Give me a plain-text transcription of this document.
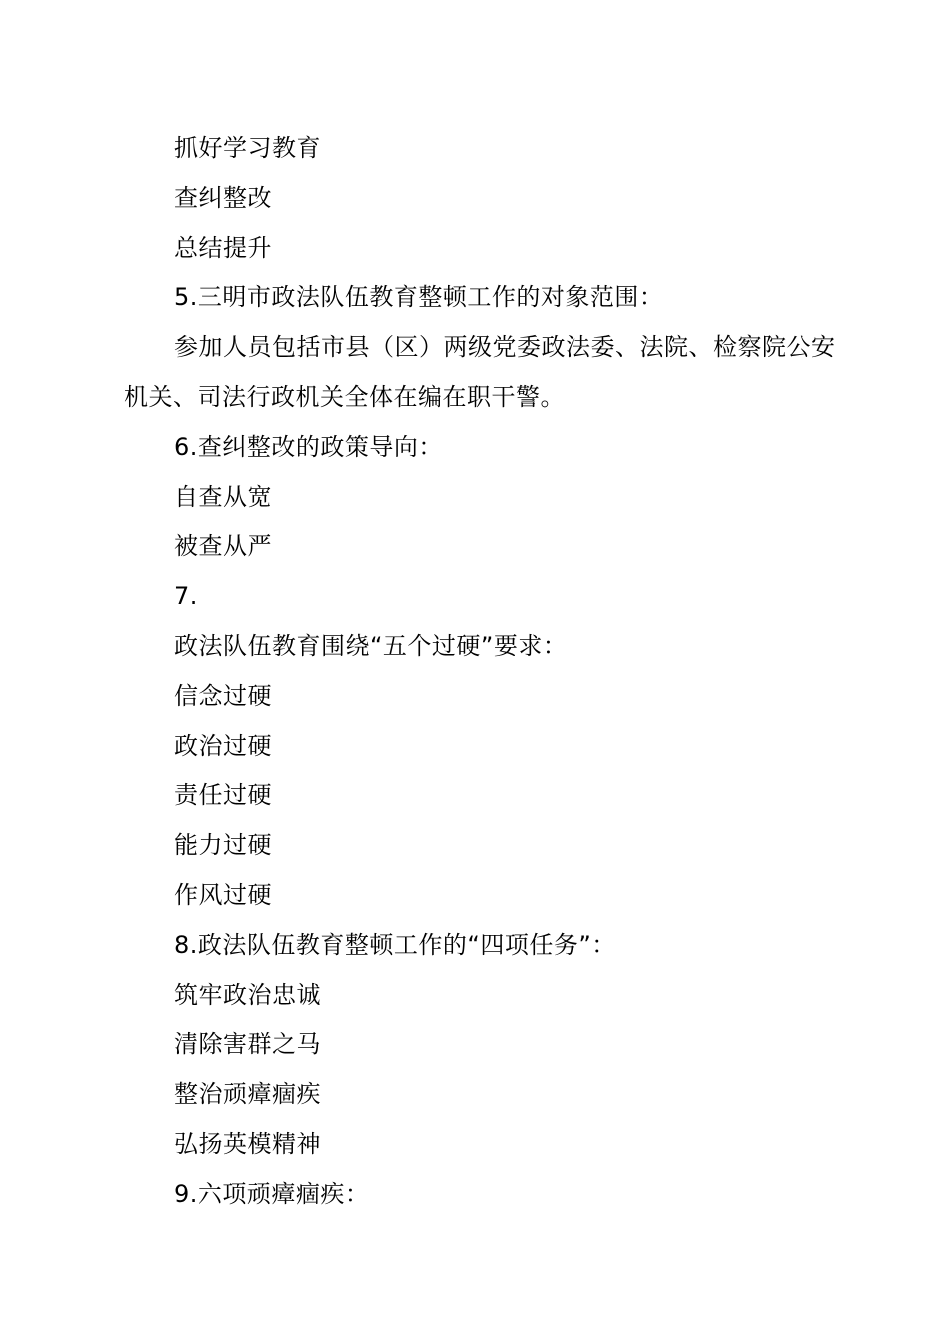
抓好学习教育
查纠整改
总结提升
5.三明市政法队伍教育整顿工作的对象范围：
参加人员包括市县（区）两级党委政法委、法院、检察院公安机关、司法行政机关全体在编在职干警。
6.查纠整改的政策导向：
自查从宽
被查从严
7.
政法队伍教育围绕“五个过硬”要求：
信念过硬
政治过硬
责任过硬
能力过硬
作风过硬
8.政法队伍教育整顿工作的“四项任务”：
筑牢政治忠诚
清除害群之马
整治顽瘴痼疾
弘扬英模精神
9.六项顽瘴痼疾：
